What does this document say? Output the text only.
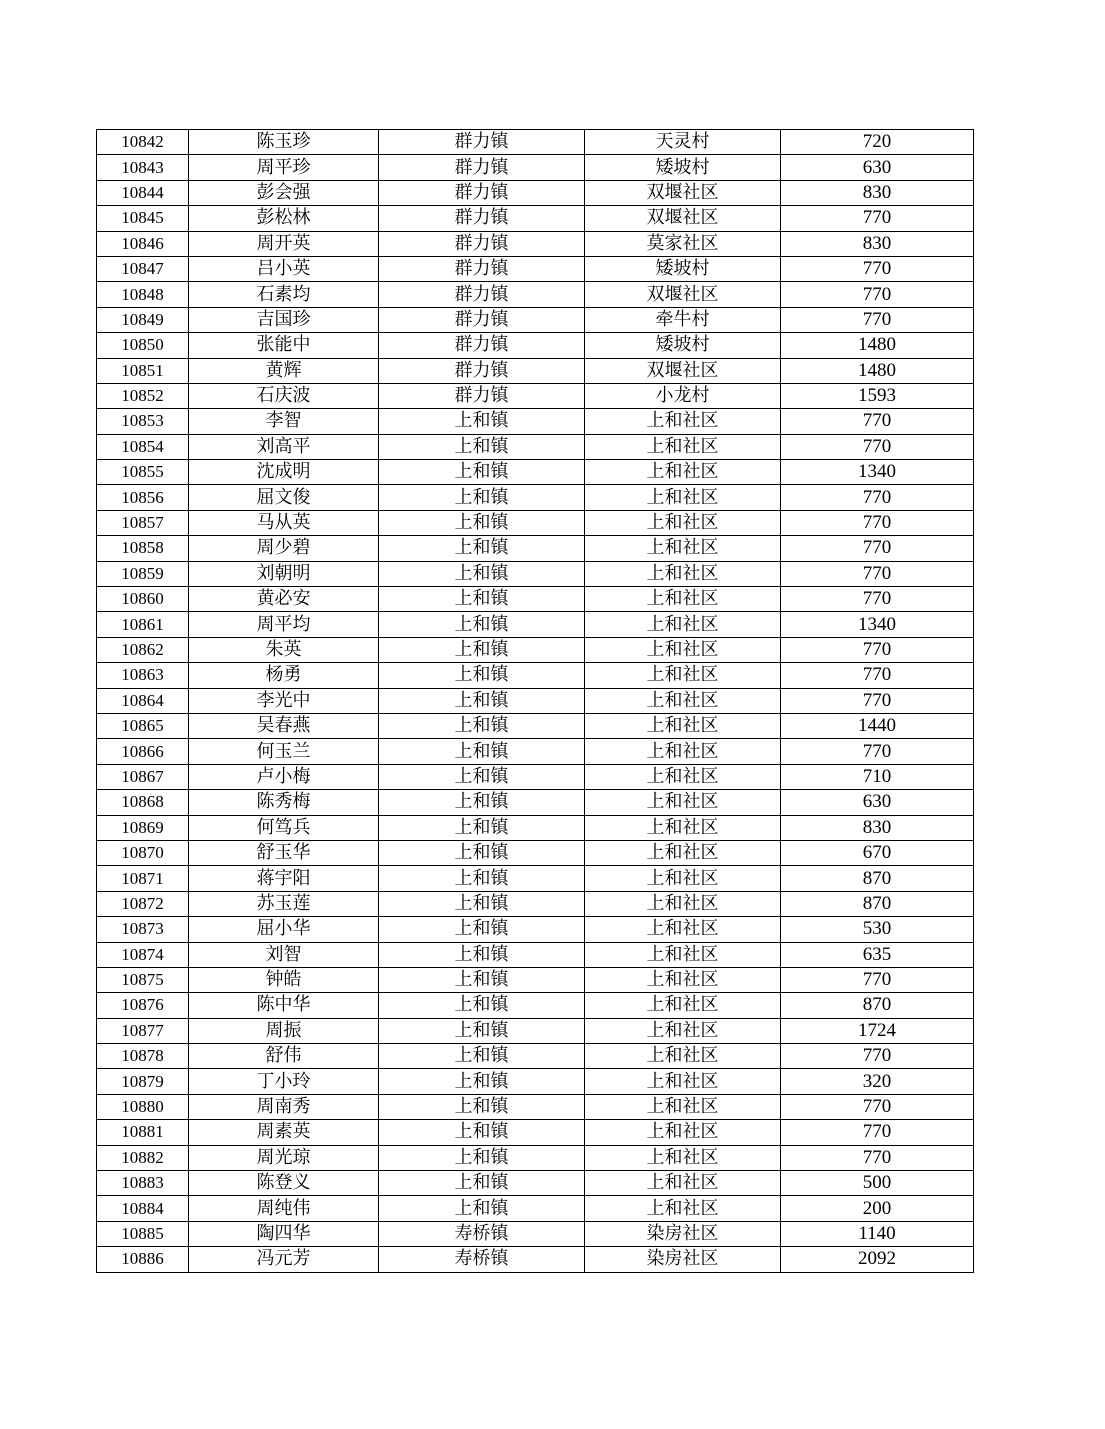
10842	陈玉珍	群力镇	天灵村	720
10843	周平珍	群力镇	矮坡村	630
10844	彭会强	群力镇	双堰社区	830
10845	彭松林	群力镇	双堰社区	770
10846	周开英	群力镇	莫家社区	830
10847	吕小英	群力镇	矮坡村	770
10848	石素均	群力镇	双堰社区	770
10849	吉国珍	群力镇	牵牛村	770
10850	张能中	群力镇	矮坡村	1480
10851	黄辉	群力镇	双堰社区	1480
10852	石庆波	群力镇	小龙村	1593
10853	李智	上和镇	上和社区	770
10854	刘高平	上和镇	上和社区	770
10855	沈成明	上和镇	上和社区	1340
10856	屈文俊	上和镇	上和社区	770
10857	马从英	上和镇	上和社区	770
10858	周少碧	上和镇	上和社区	770
10859	刘朝明	上和镇	上和社区	770
10860	黄必安	上和镇	上和社区	770
10861	周平均	上和镇	上和社区	1340
10862	朱英	上和镇	上和社区	770
10863	杨勇	上和镇	上和社区	770
10864	李光中	上和镇	上和社区	770
10865	吴春燕	上和镇	上和社区	1440
10866	何玉兰	上和镇	上和社区	770
10867	卢小梅	上和镇	上和社区	710
10868	陈秀梅	上和镇	上和社区	630
10869	何笃兵	上和镇	上和社区	830
10870	舒玉华	上和镇	上和社区	670
10871	蒋宇阳	上和镇	上和社区	870
10872	苏玉莲	上和镇	上和社区	870
10873	屈小华	上和镇	上和社区	530
10874	刘智	上和镇	上和社区	635
10875	钟皓	上和镇	上和社区	770
10876	陈中华	上和镇	上和社区	870
10877	周振	上和镇	上和社区	1724
10878	舒伟	上和镇	上和社区	770
10879	丁小玲	上和镇	上和社区	320
10880	周南秀	上和镇	上和社区	770
10881	周素英	上和镇	上和社区	770
10882	周光琼	上和镇	上和社区	770
10883	陈登义	上和镇	上和社区	500
10884	周纯伟	上和镇	上和社区	200
10885	陶四华	寿桥镇	染房社区	1140
10886	冯元芳	寿桥镇	染房社区	2092
